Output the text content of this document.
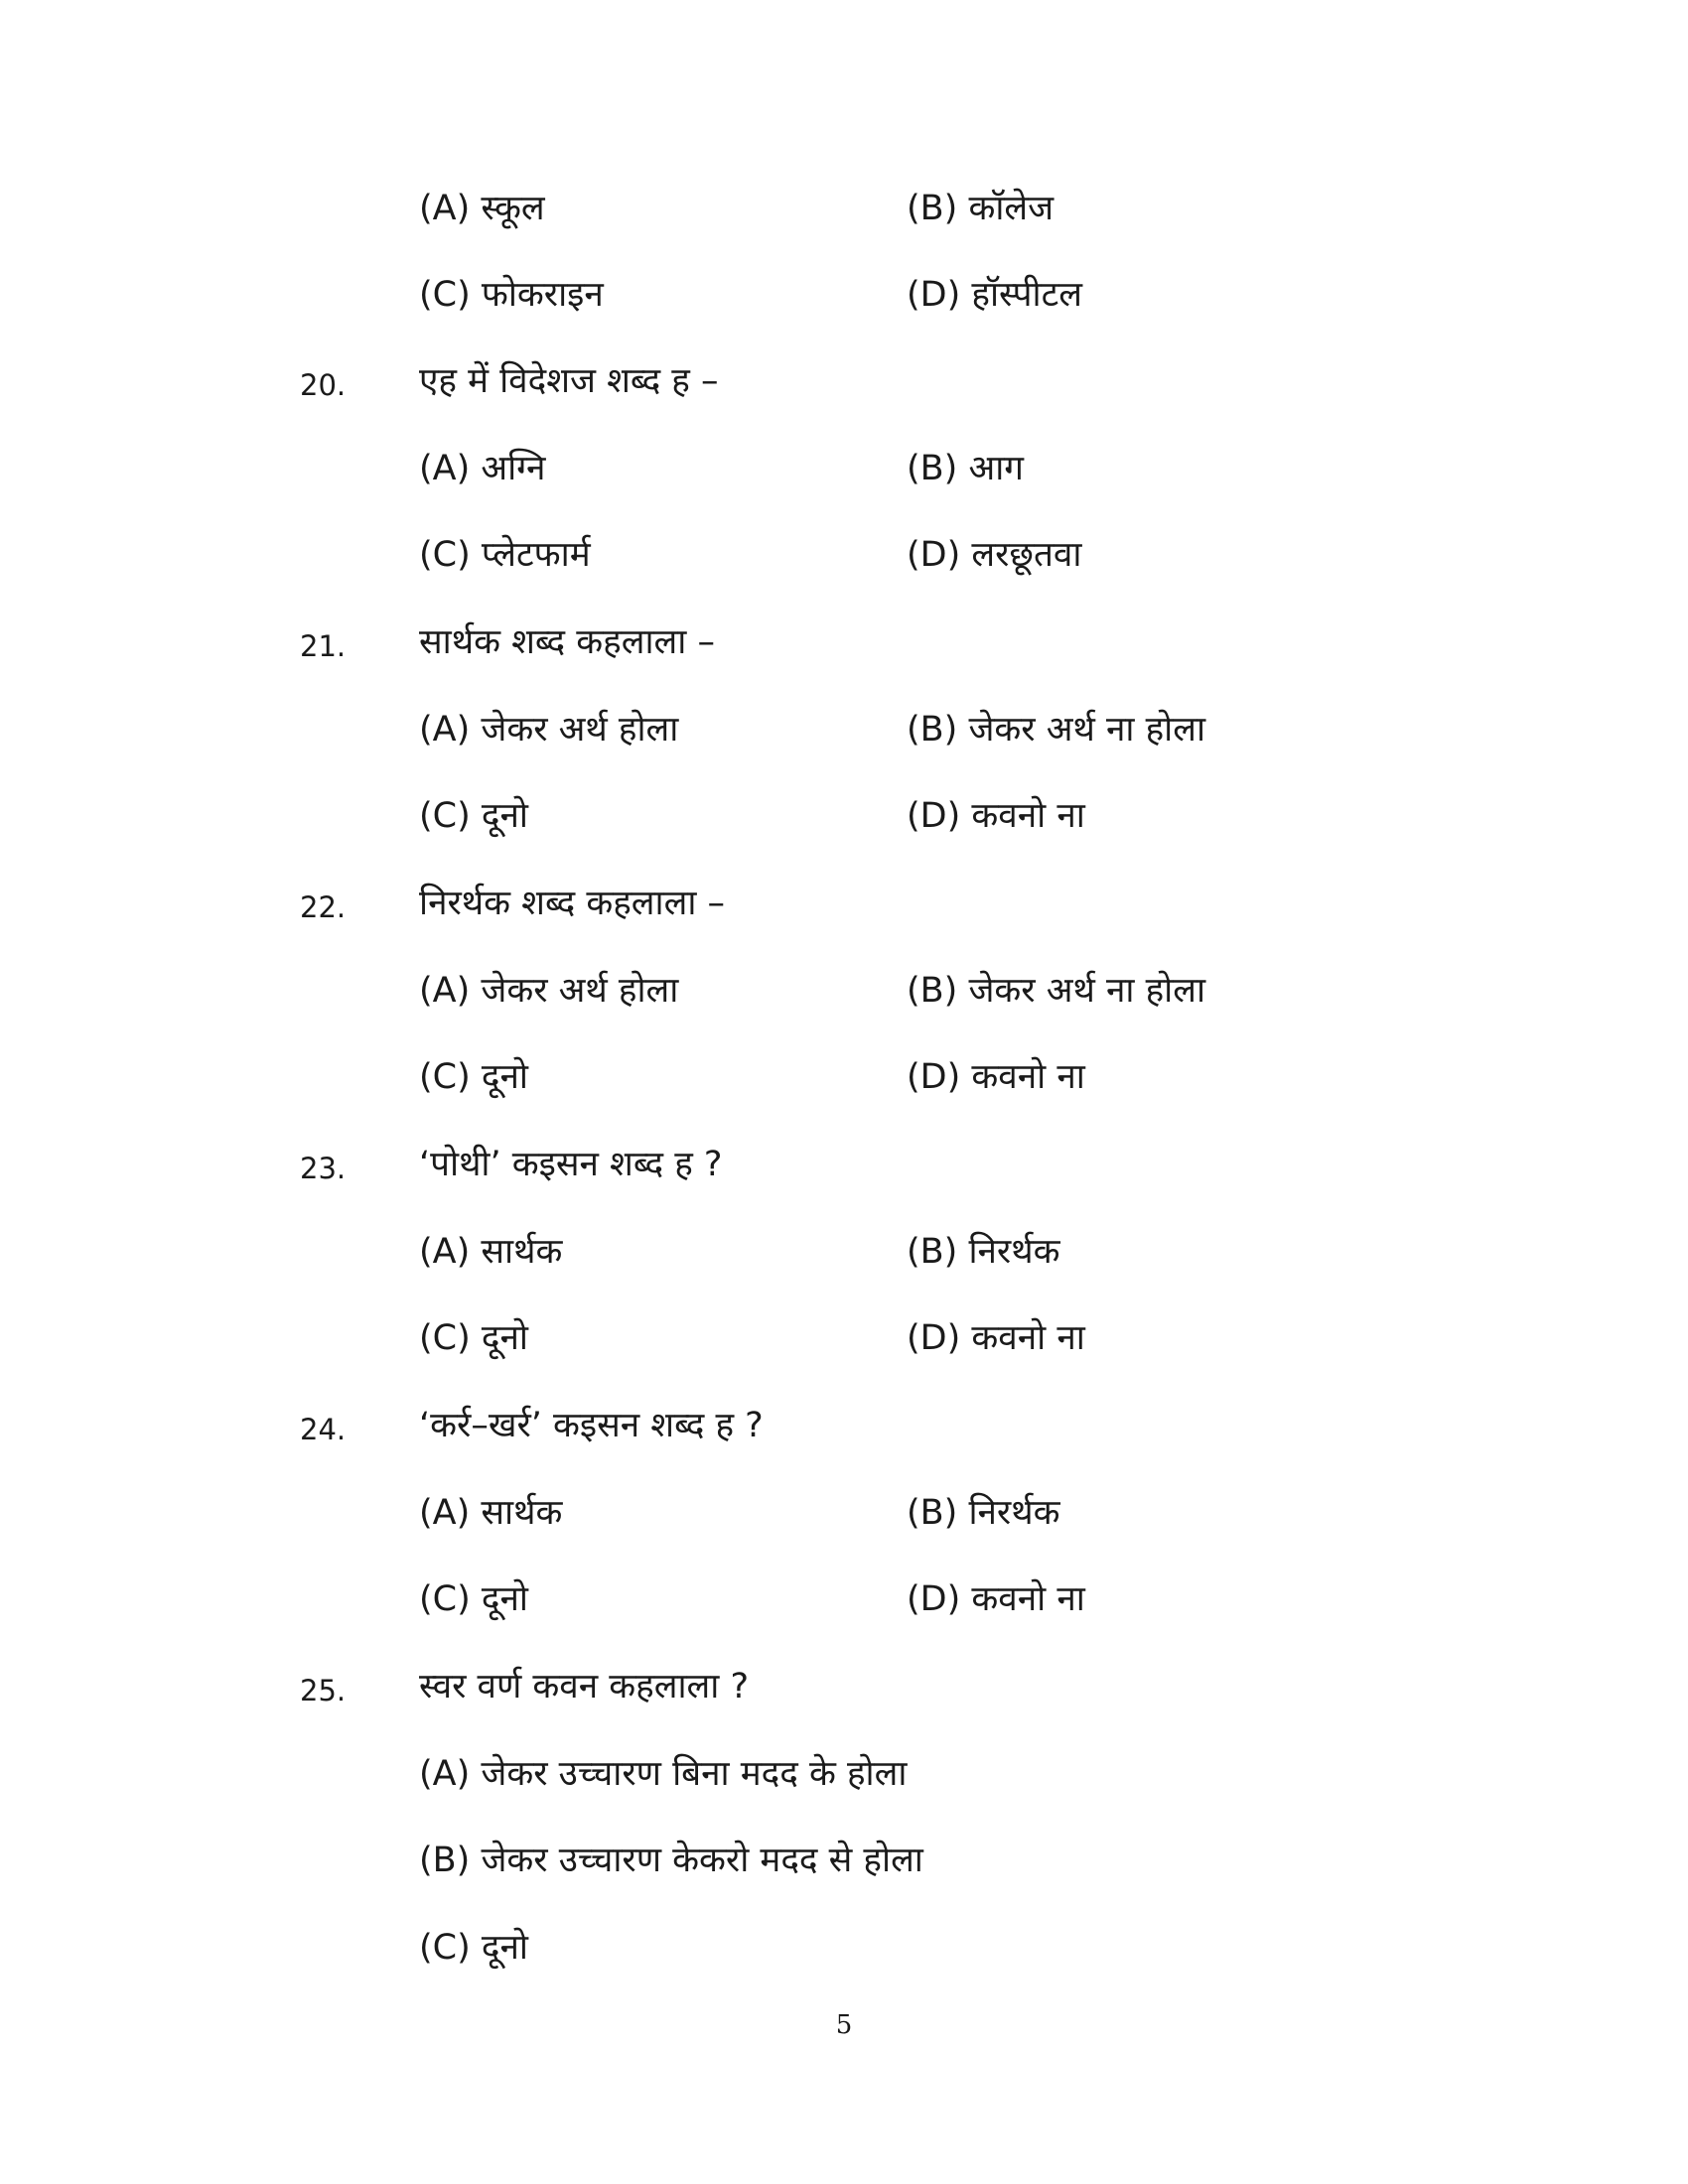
(A) स्कूल	(B) कॉलेज
(C) फोकराइन	(D) हॉस्पीटल
20. एह में विदेशज शब्द ह –
(A) अग्नि	(B) आग
(C) प्लेटफार्म	(D) लरछूतवा
21. सार्थक शब्द कहलाला –
(A) जेकर अर्थ होला	(B) जेकर अर्थ ना होला
(C) दूनो	(D) कवनो ना
22. निरर्थक शब्द कहलाला –
(A) जेकर अर्थ होला	(B) जेकर अर्थ ना होला
(C) दूनो	(D) कवनो ना
23. ‘पोथी’ कइसन शब्द ह ?
(A) सार्थक	(B) निरर्थक
(C) दूनो	(D) कवनो ना
24. ‘कर्र–खर्र’ कइसन शब्द ह ?
(A) सार्थक	(B) निरर्थक
(C) दूनो	(D) कवनो ना
25. स्वर वर्ण कवन कहलाला ?
(A) जेकर उच्चारण बिना मदद के होला
(B) जेकर उच्चारण केकरो मदद से होला
(C) दूनो
5
